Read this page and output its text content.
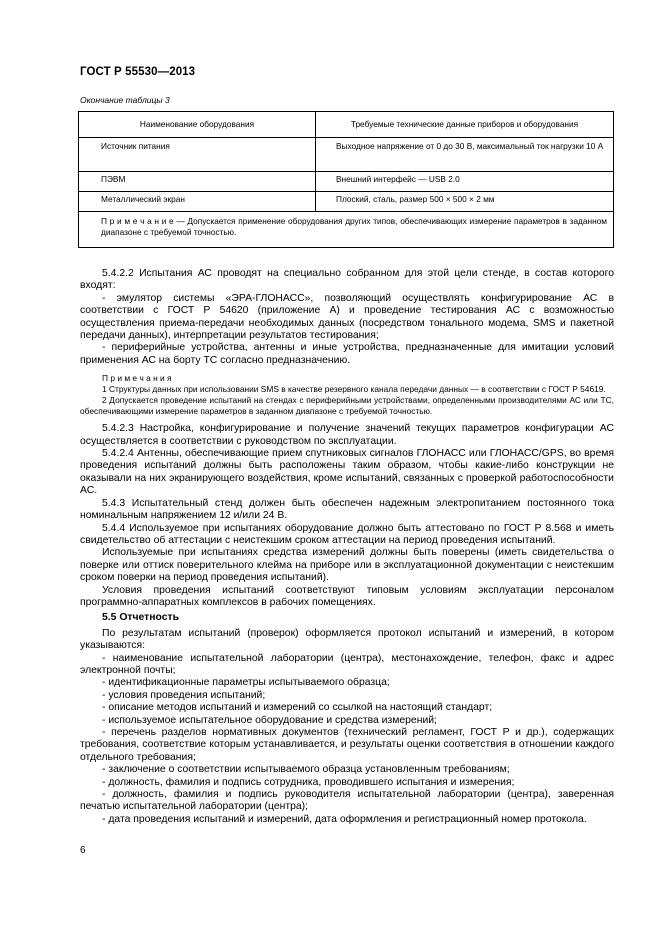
ГОСТ Р 55530—2013
Окончание таблицы 3
Наименование оборудования	Требуемые технические данные приборов и оборудования
Источник питания	Выходное напряжение от 0 до 30 В, максимальный ток нагрузки 10 А
ПЭВМ	Внешний интерфейс — USB 2.0
Металлический экран	Плоский, сталь, размер 500 × 500 × 2 мм
П р и м е ч а н и е — Допускается применение оборудования других типов, обеспечивающих измерение параметров в заданном диапазоне с требуемой точностью.	

5.4.2.2 Испытания АС проводят на специально собранном для этой цели стенде, в состав которого входят:

- эмулятор системы «ЭРА-ГЛОНАСС», позволяющий осуществлять конфигурирование АС в соответствии с ГОСТ Р 54620 (приложение А) и проведение тестирования АС с возможностью осуществления приема-передачи необходимых данных (посредством тонального модема, SMS и пакетной передачи данных), интерпретации результатов тестирования;

- периферийные устройства, антенны и иные устройства, предназначенные для имитации условий применения АС на борту ТС согласно предназначению.

П р и м е ч а н и я

1 Структуры данных при использовании SMS в качестве резервного канала передачи данных — в соответствии с ГОСТ Р 54619.

2 Допускается проведение испытаний на стендах с периферийными устройствами, определенными производителями АС или ТС, обеспечивающими измерение параметров в заданном диапазоне с требуемой точностью.

5.4.2.3 Настройка, конфигурирование и получение значений текущих параметров конфигурации АС осуществляется в соответствии с руководством по эксплуатации.

5.4.2.4 Антенны, обеспечивающие прием спутниковых сигналов ГЛОНАСС или ГЛОНАСС/GPS, во время проведения испытаний должны быть расположены таким образом, чтобы какие-либо конструкции не оказывали на них экранирующего воздействия, кроме испытаний, связанных с проверкой работоспособности АС.

5.4.3 Испытательный стенд должен быть обеспечен надежным электропитанием постоянного тока номинальным напряжением 12 и/или 24 В.

5.4.4 Используемое при испытаниях оборудование должно быть аттестовано по ГОСТ Р 8.568 и иметь свидетельство об аттестации с неистекшим сроком аттестации на период проведения испытаний.

Используемые при испытаниях средства измерений должны быть поверены (иметь свидетельства о поверке или оттиск поверительного клейма на приборе или в эксплуатационной документации с неистекшим сроком поверки на период проведения испытаний).

Условия проведения испытаний соответствуют типовым условиям эксплуатации персоналом программно-аппаратных комплексов в рабочих помещениях.

5.5 Отчетность

По результатам испытаний (проверок) оформляется протокол испытаний и измерений, в котором указываются:

- наименование испытательной лаборатории (центра), местонахождение, телефон, факс и адрес электронной почты;

- идентификационные параметры испытываемого образца;

- условия проведения испытаний;

- описание методов испытаний и измерений со ссылкой на настоящий стандарт;

- используемое испытательное оборудование и средства измерений;

- перечень разделов нормативных документов (технический регламент, ГОСТ Р и др.), содержащих требования, соответствие которым устанавливается, и результаты оценки соответствия в отношении каждого отдельного требования;

- заключение о соответствии испытываемого образца установленным требованиям;

- должность, фамилия и подпись сотрудника, проводившего испытания и измерения;

- должность, фамилия и подпись руководителя испытательной лаборатории (центра), заверенная печатью испытательной лаборатории (центра);

- дата проведения испытаний и измерений, дата оформления и регистрационный номер протокола.

6
